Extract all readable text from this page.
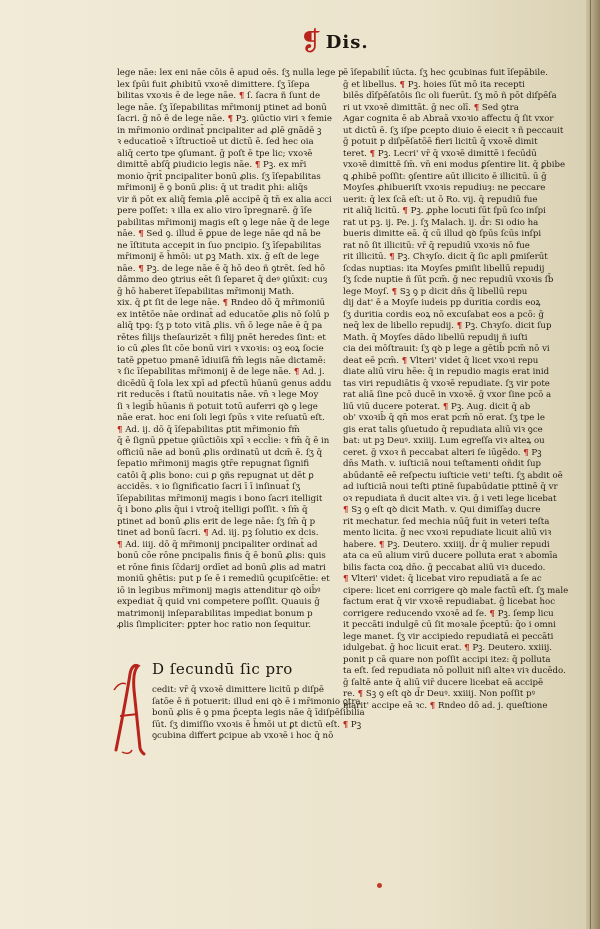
❡ Dis.
lege nāe: lex eni nāe cōis ē apud oēs. ſʒ nulla lege p
lex ſpūi fuit ꝓhibitū vxoꝛē dimittere. ſʒ īſepa
bilitas vxoꝛis ē de lege nāe. ¶ ſ. ſacra ñ ſunt de
lege nāe. ſʒ īſepabilitas mr̄imonij ptinet ad bonū
ſacri. ḡ nō ē de lege nāe. ¶ Pꝫ. ꝯiūctio viri ꝛ femie
in mr̄imonio ordinat̄ pncipaliter ad ꝓlē gnādē ꝫ
ꝛ educatioē ꝛ īſtructioē ut dictū ē. ſed hec oia
aliq̄ certo tpe ꝯſumant. ḡ poſt ē tpe lic; vxoꝛē
dimittē abſq̄ ꝑiudicio legis nāe. ¶ Pꝫ. ex mr̄i
monio q̄rit̄ pncipaliter bonū ꝓlis. ſʒ īſepabilitas
mr̄imonij ē ꝯ bonū ꝓlis: q̄ ut tradit phi: aliq̄s
vir ñ pōt ex aliq̄ femia ꝓlē accipē q̄ tn̄ ex alia acci
pere poſſet: ꝛ illa ex alio viro īpregnarē. ḡ īſe
pabilitas mr̄imonij magis eſt ꝯ lege nāe q̄ de lege
nāe. ¶ Sed ꝯ. illud ē ꝑpue de lege nāe qd nā be
ne īſtituta accepit in ſuo pncipio. ſʒ īſepabilitas
mr̄imonij ē h̄mōi: ut ꝑꝫ Math. xix. ḡ eſt de lege
nāe. ¶ Pꝫ. de lege nāe ē q̄ hō deo ñ ꝯtrēt. ſed hō
dāmmo deo ꝯtrius eēt ſi ſeparet q̄ deꝰ ꝯiūxit: cuȝ
ḡ hō haberet īſepabilitas mr̄imonij Math.
xix. q̄ ꝑt ſit de lege nāe. ¶ Rndeo dō q̄ mr̄imoniū
ex intētōe nāe ordinat̄ ad educatōe ꝓlis nō ſolū p
aliq̄ tpꝯ: ſʒ p toto vitā ꝓlis. vn̄ ō lege nāe ē q̄ pa
rētes filijs theſaurizēt ꝛ filij pnēt heredes ſint: et
io cū ꝓles ſit cōe bonū viri ꝛ vxoꝛis: oꝫ eoꝝ ſocie
tatē ꝑpetuo pmanē īdiuiſā fm̄ legis nāe dictamē:
ꝛ ſic īſepabilitas mr̄imonij ē de lege nāe. ¶ Ad. j.
dicēdū q̄ ſola lex xpī ad ꝑfectū hūanū genus addu
rit reducēs i ſtatū nouitatis nāe. vn̄ ꝛ lege Moy
ſi ꝛ legib̄ hūanis ñ potuit totū auferri qꝺ ꝯ lege
nāe erat. hoc eni ſoli legi ſpūs ꝛ vite reſuatū eſt.
¶ Ad. ij. dō q̄ īſepabilitas ꝑtit mr̄imonio fm̄
q̄ ē ſignū ꝑpetue ꝯiūctiōis xpī ꝛ eccl̄ie: ꝛ fm̄ q̄ ē in
officiū nāe ad bonū ꝓlis ordinatū ut dcm̄ ē. ſʒ q̄
ſepatio mr̄imonij magis ꝯtr̄e repugnat ſignifi
catōi q̄ ꝓlis bono: cui ꝑ ꝯñs repugnat ut dēt ꝑ
accidēs. ꝛ io ſignificatio ſacri ī ī inſinuat̄ ſʒ
īſepabilitas mr̄imonij magis i bono ſacri itelligit
q̄ i bono ꝓlis q̄ui i vtroq̄ itelligi poſſit. ꝛ ſm̄ q̄
ptinet ad bonū ꝓlis erit de lege nāe: ſʒ ſm̄ q̄ p
tinet ad bonū ſacri. ¶ Ad. iij. pꝫ ſolutio ex dcis.
¶ Ad. iiij. dō q̄ mr̄imonij pncipaliter ordinat̄ ad
bonū cōe rōne pncipalis finis q̄ ē bonū ꝓlis: ꝗuis
et rōne finis ſc̄darij ordīet ad bonū ꝓlis ad matri
moniū ꝯhētis: put p ſe ē i remediū ꝯcupiſcētie: et
iō in legibus mr̄imonij magis attenditur qꝺ oib̄ꝰ
expediat q̄ quid vni competere poſſit. Quauis ḡ
matrimonij inſeparabilitas impediat bonum p
ꝓlis ſimpliciter: ꝑpter hoc ratio non ſequitur.
ē īſepabilit̄ iūcta. ſʒ hec ꝯcubinas fuit īſepābile.
ḡ et libellus. ¶ Pꝫ. hoies ſūt mō ita recepti
bilēs dīſpēſatōis ſic oli fuerūt. ſʒ mō ñ pōt diſpēſa
ri ut vxoꝛē dimittāt. ḡ nec olī. ¶ Sed ꝯtra
Agar cognita ē ab Abraā vxoꝛio affectu q̄ ſit vxor
ut dictū ē. ſʒ iſpe ꝑcepto diuio ē eiecit ꝛ ñ peccauit
ḡ potuit p diſpēſatōē fieri licitū q̄ vxoꝛē dimit
teret. ¶ Pꝫ. Lecri' vr̄ q̄ vxoꝛē dimittē i fecūdū
vxoꝛē dimittē ſm̄. vn̄ eni modus ꝑſentire lit. q̄ ꝑbibe
ꝗ ꝓhibē poſſit: ꝯſentire aūt illicito ē illicitū. ū ḡ
Moyſes ꝓhibueriſt vxoꝛis repudiuȝ: ne peccare
uerit: q̄ lex ſcā eſt: ut ō Ro. vij. q̄ repudiū fue
rit aliq̄ licitū. ¶ Pꝫ. ꝓphe locuti ſūt ſpū ſco inſpi
rat ut pꝫ. ij. Pe. j. ſʒ Malach. ij. d̄r: Si odio ha
bueris dimitte eā. q̄ cū illud qꝺ ſpūs ſcūs inſpi
rat nō ſit illicitū: vr̄ q̄ repudiū vxoꝛis nō fue
rit illicitū. ¶ Pꝫ. Chꝛyſo. dicit q̄ ſic apli ꝑmiſerūt
ſcdas nuptias: ita Moyſes ꝑmiſit libellū repudij
ſʒ ſcde nuptie ñ ſūt pcm̄. ḡ nec repudiū vxoꝛis ſb̄
lege Moyſ. ¶ Sꝫ ꝯ p dicit dn̄s q̄ libellū repu
dij dat' ē a Moyſe iudeis pp duritia cordis eoꝝ
ſʒ duritia cordis eoꝝ nō excuſabat eos a pcō: ḡ
neq̄ lex de libello repudij. ¶ Pꝫ. Chꝛyſo. dicit ſup
Math. q̄ Moyſes dādo libellū repudij ñ iuſti
cia dei mōſtrauit: ſʒ qꝺ p lege a gētib̄ pcm̄ nō vi
deat eē pcm̄. ¶ Vlteri' videt q̄ licet vxoꝛi repu
diate aliū viru hēe: q̄ in repudio magis erat inid
tas viri repudiātis q̄ vxoꝛē repudiate. ſʒ vir pote
rat aliā ſine pcō ducē in vxoꝛē. ḡ vxor ſine pcō a
liū viū ducere poterat. ¶ Pꝫ. Aug. dicit q̄ ab
ob' vxoꝛib̄ q̄ qn̄ mos erat pcm̄ nō erat. ſʒ tpe le
gis erat talis ꝯſuetudo q̄ repudiata aliū viꝛ ꝯce
bat: ut pꝫ Deuꝰ. xxiiij. Lum egreſſa viꝛ alteꝝ ou
ceret. ḡ vxoꝛ ñ peccabat alteri ſe iūgēdo. ¶ Pꝫ
dn̄s Math. v. iuſticiā noui teſtamenti oñdit ſup
abūdantē eē reſpectu iuſticie veti' teſti. ſʒ abdit oē
ad iuſticiā noui teſti ꝑtinē ſupabūdatie pttinē q̄ vr
oꝛ repudiata ñ ducit alteꝛ viꝛ. ḡ i veti lege licebat
¶ Sꝫ ꝯ eſt qꝺ dicit Math. v. Qui dimiſſaȝ ducre
rit mechatur. ſed mechia nūq̄ fuit in veteri teſta
mento licita. ḡ nec vxoꝛi repudiate licuit aliū viꝛ
habere. ¶ Pꝫ. Deutero. xxiiij. d̄r q̄ mulier repudi
ata ca eū alium virū ducere polluta erat ꝛ abomīa
bilis facta coꝝ dn̄o. ḡ peccabat aliū viꝛ ducedo.
¶ Vlteri' videt: q̄ licebat viro repudiatā a ſe ac
cipere: licet eni corrigere qꝺ male factū eſt. ſʒ male
factum erat q̄ vir vxoꝛē repudiabat. ḡ licebat hoc
corrigere reducendo vxoꝛē ad ſe. ¶ Pꝫ. ſemp licu
it peccāti indulgē cū ſit moꝛale p̄ceptū: q̄o i omni
lege manet. ſʒ vir accipiedo repudiatā ei peccāti
idulgebat. ḡ hoc licuit erat. ¶ Pꝫ. Deutero. xxiiij.
ponit p cā quare non poſſit accipi itez: q̄ polluta
ta eſt. ſed repudiata nō polluit niſi alteꝛ viꝛ ducēdo.
ḡ ſaltē ante q̄ aliū vir̄ ducere licebat eā accipē
re. ¶ Sꝫ ꝯ eſt qꝺ d̄r Deuꝰ. xxiiij. Non poſſit pꝰ
marit' accipe eā ꝛc. ¶ Rndeo dō ad. j. queſtione
D ſecundū ſic pro
cedit: vr̄ q̄ vxoꝛē dimittere licitū p diſpē
ſatōe ē ñ potuerit: illud eni qꝺ ē i mr̄imonio ꝯtra
bonū ꝓlis ē ꝯ pma p̄cepta legis nāe q̄ īdiſpēſibilia
ſūt. ſʒ dimiſſio vxoꝛis ē h̄mōi ut ꝑt dictū eſt. ¶ Pꝫ
ꝯcubina differt ꝑcipue ab vxoꝛē i hoc q̄ nō
